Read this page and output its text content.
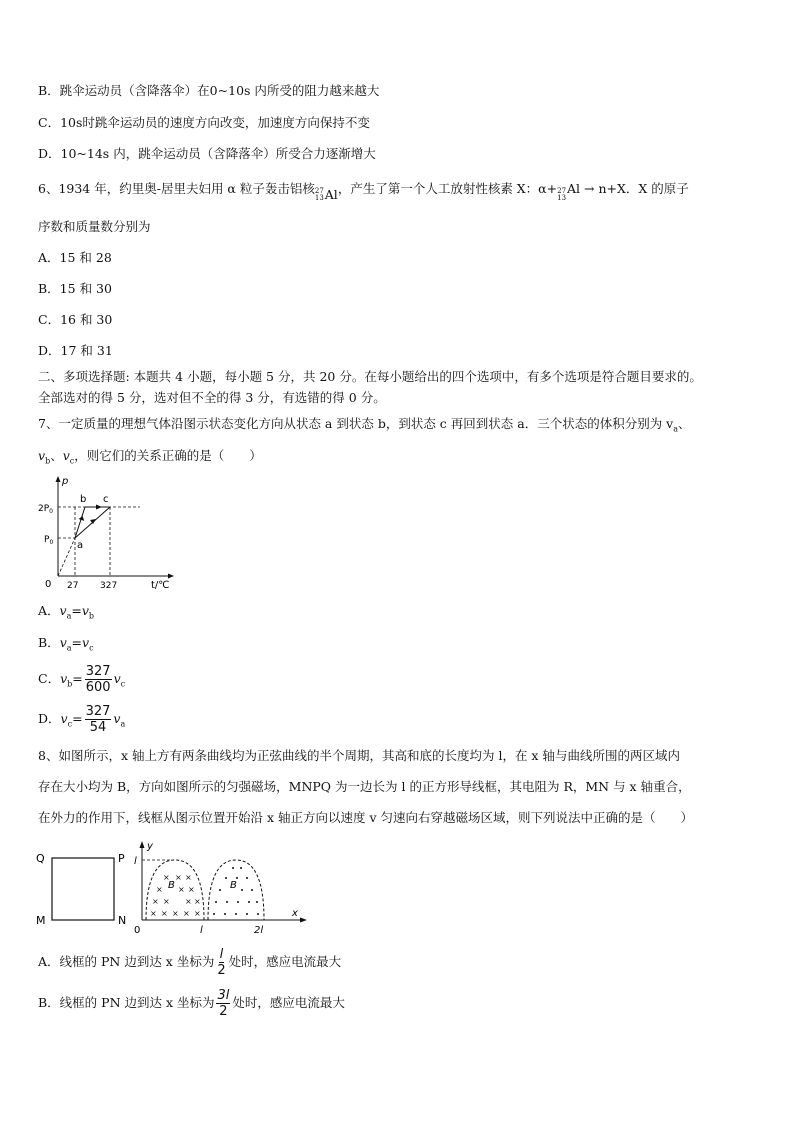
B．跳伞运动员（含降落伞）在0~10s 内所受的阻力越来越大
C．10s时跳伞运动员的速度方向改变，加速度方向保持不变
D．10~14s 内，跳伞运动员（含降落伞）所受合力逐渐增大
6、1934 年，约里奥-居里夫妇用 α 粒子轰击铝核 27
13 Al ，产生了第一个人工放射性核素 X：α+ 27
13
Al → n+X．X 的原子
序数和质量数分别为
A．15 和 28
B．15 和 30
C．16 和 30
D．17 和 31
二、多项选择题: 本题共 4 小题，每小题 5 分，共 20 分。在每小题给出的四个选项中，有多个选项是符合题目要求的。
全部选对的得 5 分，选对但不全的得 3 分，有选错的得 0 分。
7、一定质量的理想气体沿图示状态变化方向从状态 a 到状态 b，到状态 c 再回到状态 a．三个状态的体积分别为 $v_a$、
$v_b$、$v_c$，则它们的关系正确的是（　　）
p
t/℃
0 27 327
$2P_0$
$P_0$ a
b c
A．$v_a=v_b$
B．$v_a=v_c$
C．$v_b= \frac{327}{600} v_c$
D．$v_c= \frac{327}{54} v_a$
8、如图所示，x 轴上方有两条曲线均为正弦曲线的半个周期，其高和底的长度均为 l，在 x 轴与曲线所围的两区域内
存在大小均为 B，方向如图所示的匀强磁场，MNPQ 为一边长为 l 的正方形导线框，其电阻为 R，MN 与 x 轴重合，
在外力的作用下，线框从图示位置开始沿 x 轴正方向以速度 v 匀速向右穿越磁场区域，则下列说法中正确的是（　　）
Q	P
M	N
y
x
l
0	l	2l
× × × × ×
× × × ×
× × ×
× × ×
B	B
A．线框的 PN 边到达 x 坐标为 $\frac{l}{2}$ 处时，感应电流最大
B．线框的 PN 边到达 x 坐标为 $\frac{3l}{2}$ 处时，感应电流最大
